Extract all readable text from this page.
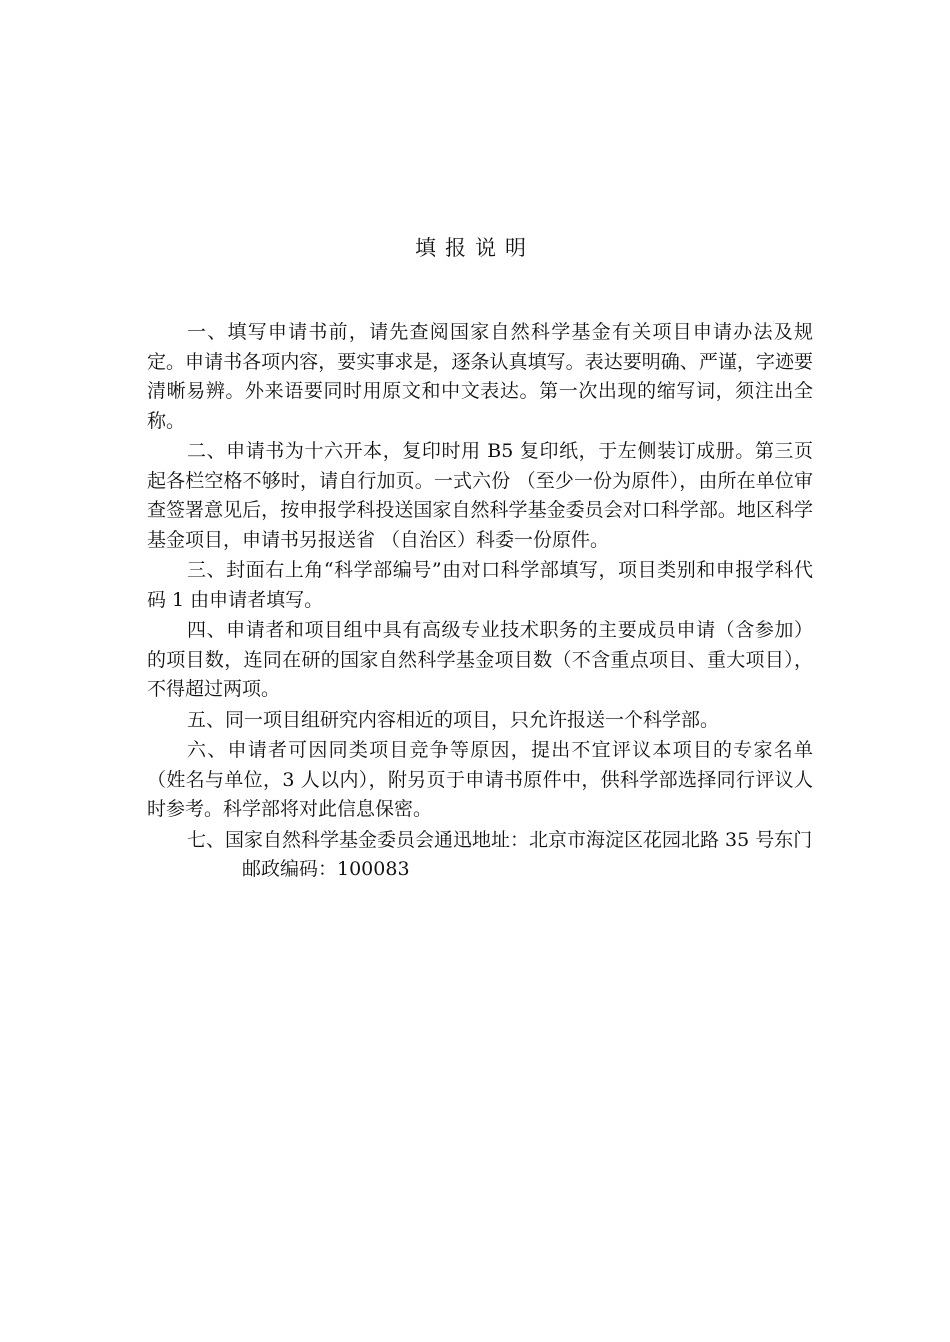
填报说明

一、填写申请书前，请先查阅国家自然科学基金有关项目申请办法及规定。申请书各项内容，要实事求是，逐条认真填写。表达要明确、严谨，字迹要清晰易辨。外来语要同时用原文和中文表达。第一次出现的缩写词，须注出全称。

二、申请书为十六开本，复印时用 B5 复印纸，于左侧装订成册。第三页起各栏空格不够时，请自行加页。一式六份 （至少一份为原件），由所在单位审查签署意见后，按申报学科投送国家自然科学基金委员会对口科学部。地区科学基金项目，申请书另报送省 （自治区）科委一份原件。

三、封面右上角“科学部编号”由对口科学部填写，项目类别和申报学科代码 1 由申请者填写。

四、申请者和项目组中具有高级专业技术职务的主要成员申请（含参加）的项目数，连同在研的国家自然科学基金项目数（不含重点项目、重大项目），不得超过两项。

五、同一项目组研究内容相近的项目，只允许报送一个科学部。

六、申请者可因同类项目竞争等原因，提出不宜评议本项目的专家名单（姓名与单位，3 人以内），附另页于申请书原件中，供科学部选择同行评议人时参考。科学部将对此信息保密。

七、国家自然科学基金委员会通迅地址：北京市海淀区花园北路 35 号东门

邮政编码：100083
